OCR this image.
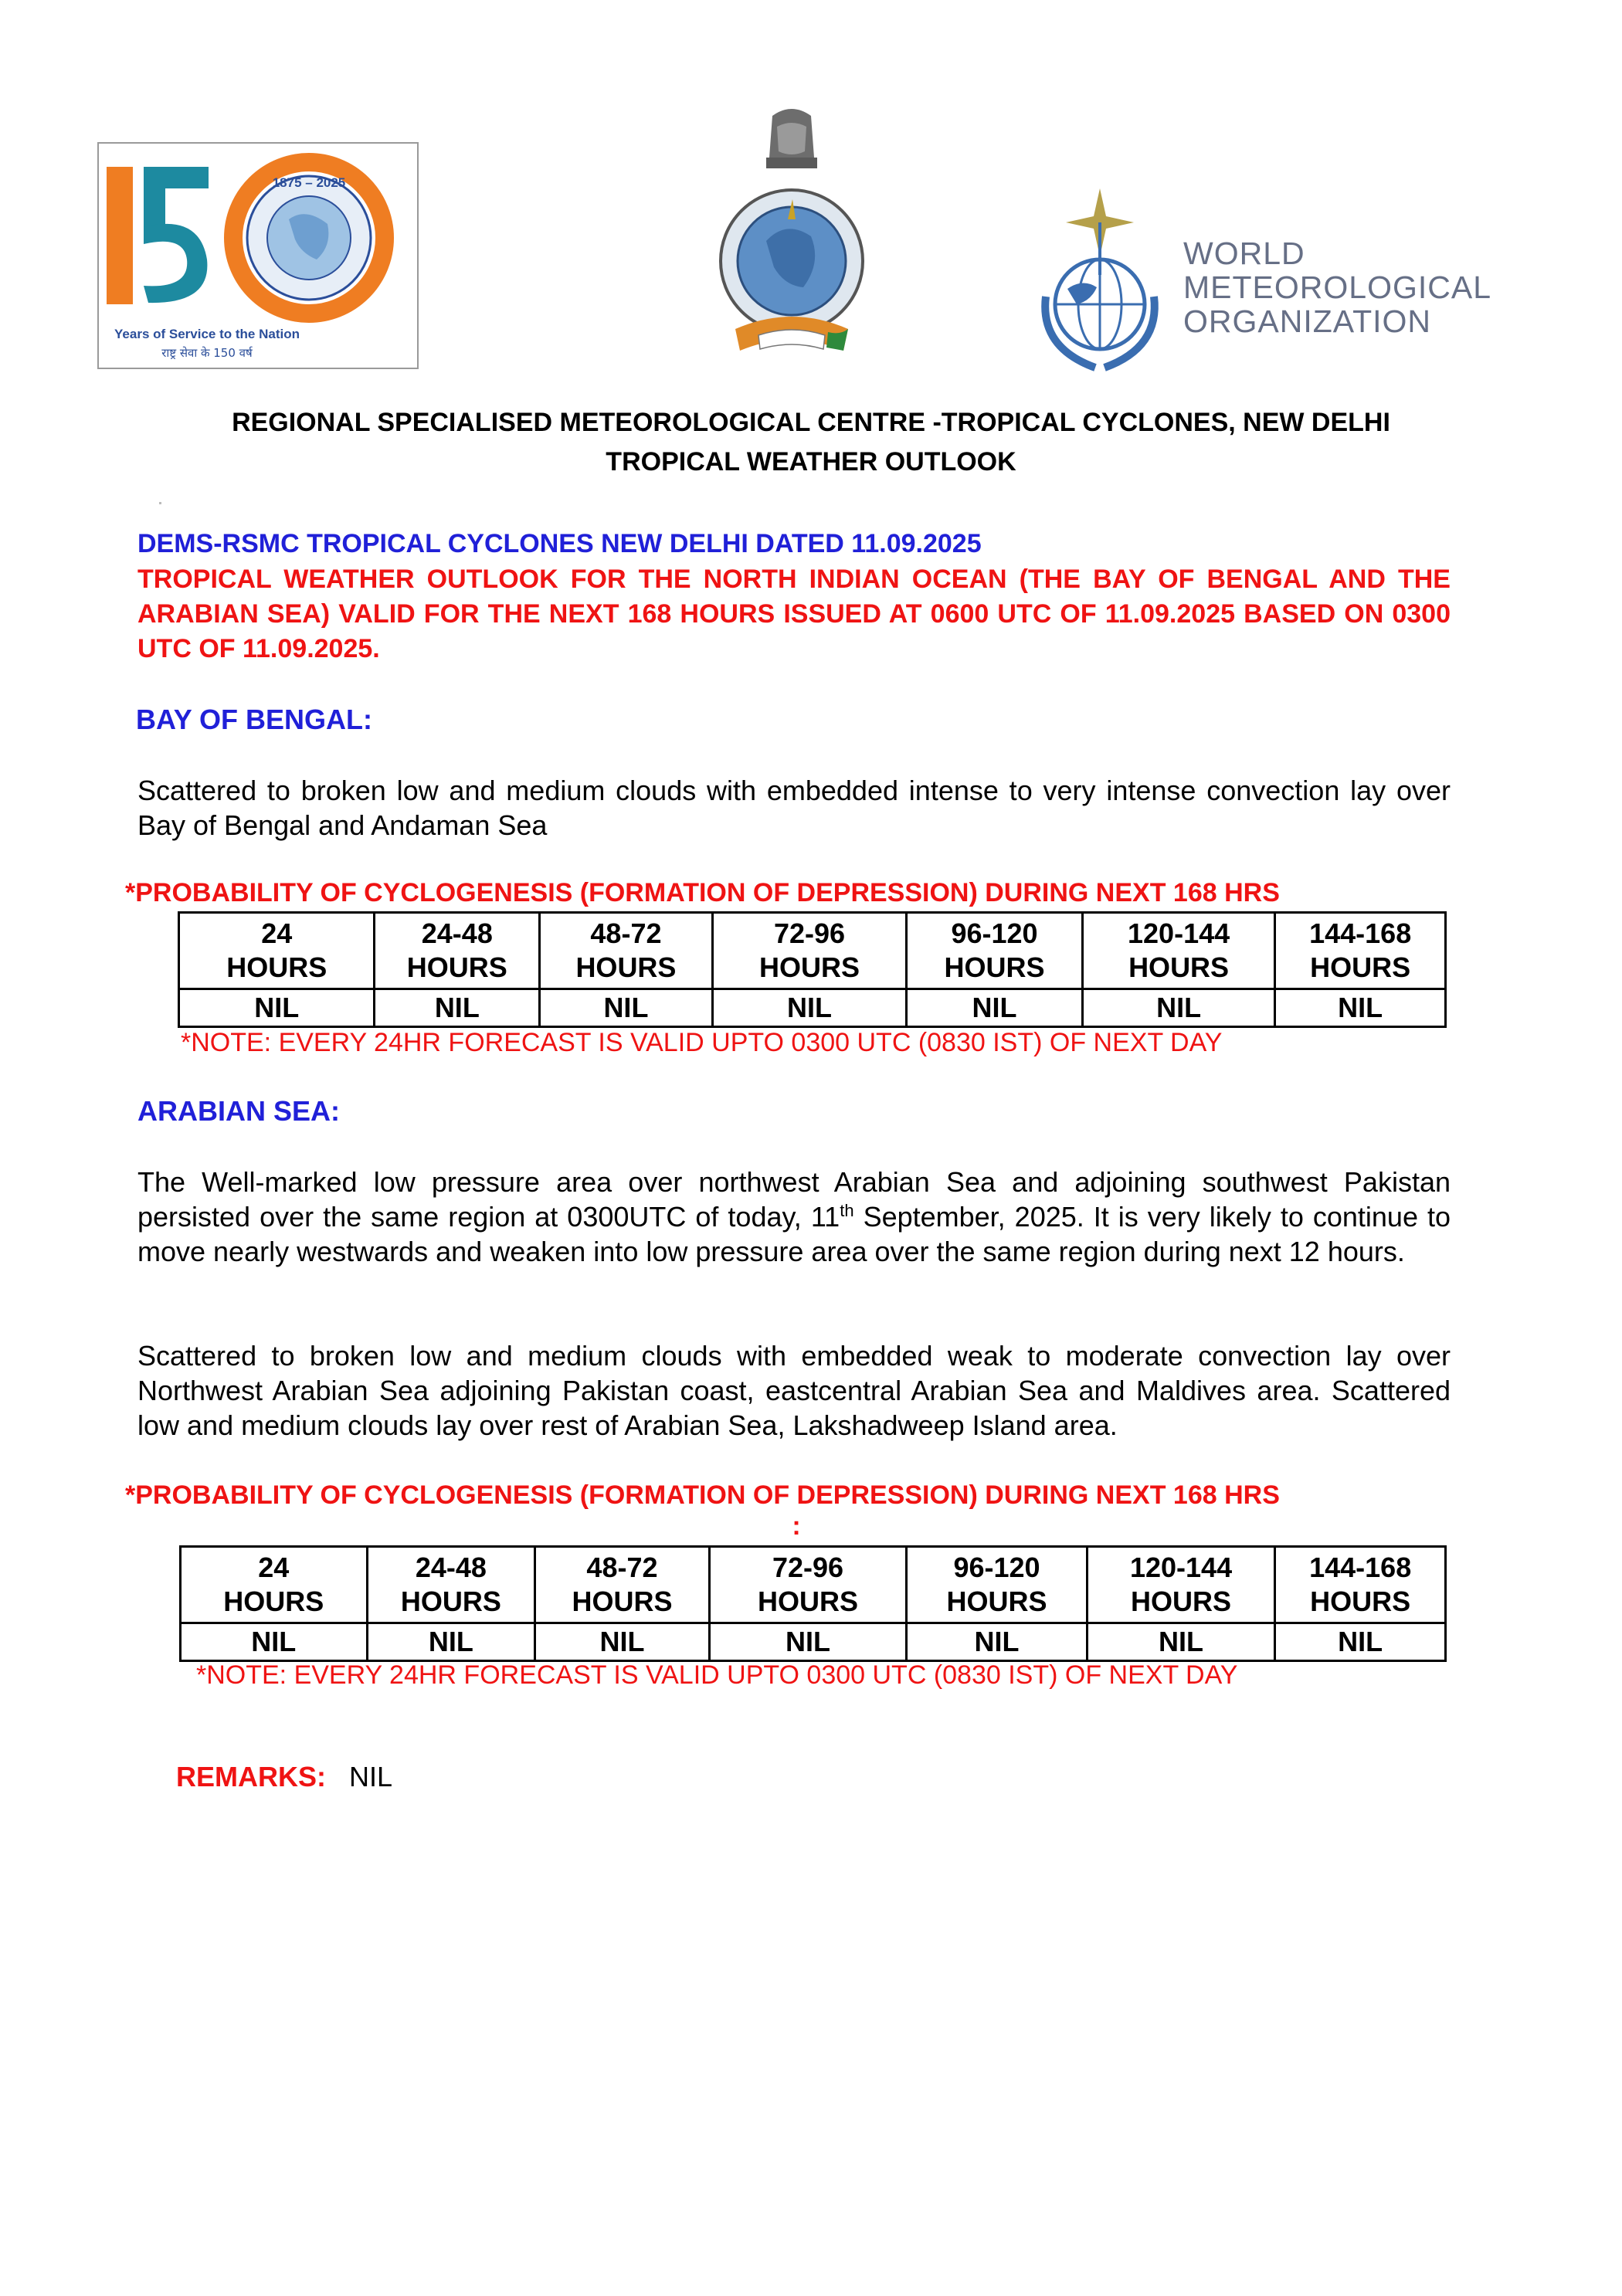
1875 – 2025
Years of Service to the Nation
राष्ट्र सेवा के 150 वर्ष
WORLD
METEOROLOGICAL
ORGANIZATION
REGIONAL SPECIALISED METEOROLOGICAL CENTRE -TROPICAL CYCLONES, NEW DELHI
TROPICAL WEATHER OUTLOOK
DEMS-RSMC TROPICAL CYCLONES NEW DELHI DATED 11.09.2025
TROPICAL WEATHER OUTLOOK FOR THE NORTH INDIAN OCEAN (THE BAY OF BENGAL AND THE ARABIAN SEA) VALID FOR THE NEXT 168 HOURS ISSUED AT 0600 UTC OF 11.09.2025 BASED ON 0300 UTC OF 11.09.2025.
BAY OF BENGAL:
Scattered to broken low and medium clouds with embedded intense to very intense convection lay over Bay of Bengal and Andaman Sea
*PROBABILITY OF CYCLOGENESIS (FORMATION OF DEPRESSION) DURING NEXT 168 HRS
24
HOURS	24-48
HOURS	48-72
HOURS	72-96
HOURS	96-120
HOURS	120-144
HOURS	144-168
HOURS
NIL	NIL	NIL	NIL	NIL	NIL	NIL
*NOTE: EVERY 24HR FORECAST IS VALID UPTO 0300 UTC (0830 IST) OF NEXT DAY
ARABIAN SEA:
The Well-marked low pressure area over northwest Arabian Sea and adjoining southwest Pakistan persisted over the same region at 0300UTC of today, 11th September, 2025. It is very likely to continue to move nearly westwards and weaken into low pressure area over the same region during next 12 hours.
Scattered to broken low and medium clouds with embedded weak to moderate convection lay over Northwest Arabian Sea adjoining Pakistan coast, eastcentral Arabian Sea and Maldives area. Scattered low and medium clouds lay over rest of Arabian Sea, Lakshadweep Island area.
*PROBABILITY OF CYCLOGENESIS (FORMATION OF DEPRESSION) DURING NEXT 168 HRS
:
24
HOURS	24-48
HOURS	48-72
HOURS	72-96
HOURS	96-120
HOURS	120-144
HOURS	144-168
HOURS
NIL	NIL	NIL	NIL	NIL	NIL	NIL
*NOTE: EVERY 24HR FORECAST IS VALID UPTO 0300 UTC (0830 IST) OF NEXT DAY
REMARKS: NIL
